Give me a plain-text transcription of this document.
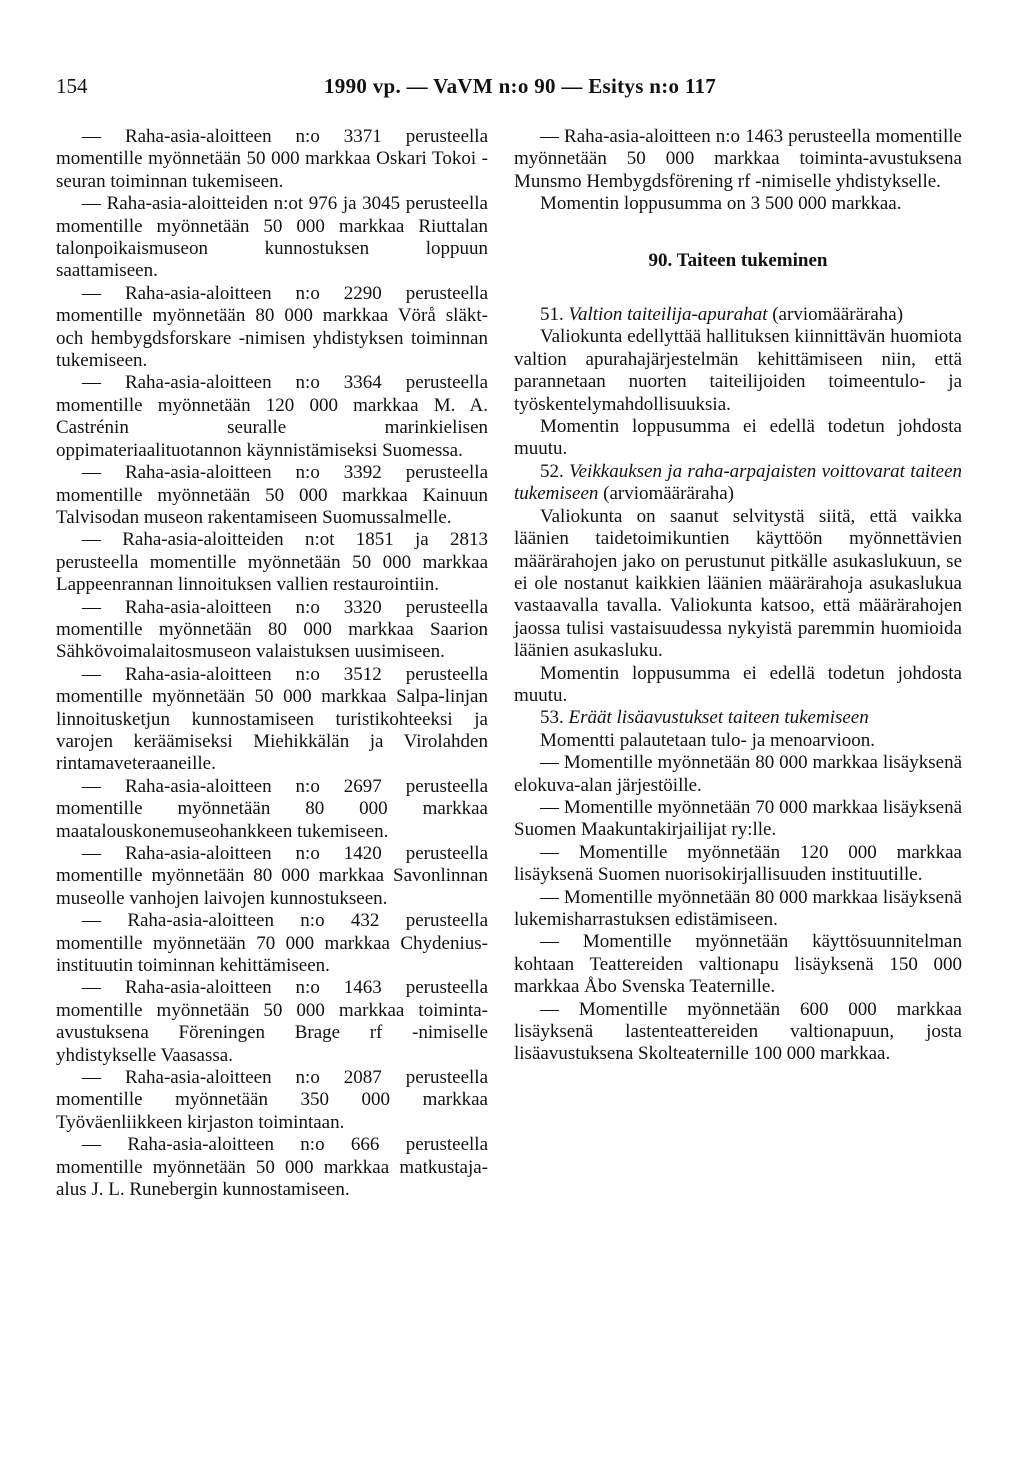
154	1990 vp. — VaVM n:o 90 — Esitys n:o 117

— Raha-asia-aloitteen n:o 3371 perusteella momentille myönnetään 50 000 markkaa Oskari Tokoi -seuran toiminnan tukemiseen.

— Raha-asia-aloitteiden n:ot 976 ja 3045 perusteella momentille myönnetään 50 000 markkaa Riuttalan talonpoikaismuseon kunnostuksen loppuun saattamiseen.

— Raha-asia-aloitteen n:o 2290 perusteella momentille myönnetään 80 000 markkaa Vörå släkt- och hembygdsforskare -nimisen yhdistyksen toiminnan tukemiseen.

— Raha-asia-aloitteen n:o 3364 perusteella momentille myönnetään 120 000 markkaa M. A. Castrénin seuralle marinkielisen oppimateriaalituotannon käynnistämiseksi Suomessa.

— Raha-asia-aloitteen n:o 3392 perusteella momentille myönnetään 50 000 markkaa Kainuun Talvisodan museon rakentamiseen Suomussalmelle.

— Raha-asia-aloitteiden n:ot 1851 ja 2813 perusteella momentille myönnetään 50 000 markkaa Lappeenrannan linnoituksen vallien restaurointiin.

— Raha-asia-aloitteen n:o 3320 perusteella momentille myönnetään 80 000 markkaa Saarion Sähkövoimalaitosmuseon valaistuksen uusimiseen.

— Raha-asia-aloitteen n:o 3512 perusteella momentille myönnetään 50 000 markkaa Salpa-linjan linnoitusketjun kunnostamiseen turistikohteeksi ja varojen keräämiseksi Miehikkälän ja Virolahden rintamaveteraaneille.

— Raha-asia-aloitteen n:o 2697 perusteella momentille myönnetään 80 000 markkaa maatalouskonemuseohankkeen tukemiseen.

— Raha-asia-aloitteen n:o 1420 perusteella momentille myönnetään 80 000 markkaa Savonlinnan museolle vanhojen laivojen kunnostukseen.

— Raha-asia-aloitteen n:o 432 perusteella momentille myönnetään 70 000 markkaa Chydenius-instituutin toiminnan kehittämiseen.

— Raha-asia-aloitteen n:o 1463 perusteella momentille myönnetään 50 000 markkaa toiminta-avustuksena Föreningen Brage rf -nimiselle yhdistykselle Vaasassa.

— Raha-asia-aloitteen n:o 2087 perusteella momentille myönnetään 350 000 markkaa Työväenliikkeen kirjaston toimintaan.

— Raha-asia-aloitteen n:o 666 perusteella momentille myönnetään 50 000 markkaa matkustaja-alus J. L. Runebergin kunnostamiseen.

— Raha-asia-aloitteen n:o 1463 perusteella momentille myönnetään 50 000 markkaa toiminta-avustuksena Munsmo Hembygdsförening rf -nimiselle yhdistykselle.

Momentin loppusumma on 3 500 000 markkaa.

90. Taiteen tukeminen

51. Valtion taiteilija-apurahat (arviomääräraha)

Valiokunta edellyttää hallituksen kiinnittävän huomiota valtion apurahajärjestelmän kehittämiseen niin, että parannetaan nuorten taiteilijoiden toimeentulo- ja työskentelymahdollisuuksia.

Momentin loppusumma ei edellä todetun johdosta muutu.

52. Veikkauksen ja raha-arpajaisten voittovarat taiteen tukemiseen (arviomääräraha)

Valiokunta on saanut selvitystä siitä, että vaikka läänien taidetoimikuntien käyttöön myönnettävien määrärahojen jako on perustunut pitkälle asukaslukuun, se ei ole nostanut kaikkien läänien määrärahoja asukaslukua vastaavalla tavalla. Valiokunta katsoo, että määrärahojen jaossa tulisi vastaisuudessa nykyistä paremmin huomioida läänien asukasluku.

Momentin loppusumma ei edellä todetun johdosta muutu.

53. Eräät lisäavustukset taiteen tukemiseen

Momentti palautetaan tulo- ja menoarvioon.

— Momentille myönnetään 80 000 markkaa lisäyksenä elokuva-alan järjestöille.

— Momentille myönnetään 70 000 markkaa lisäyksenä Suomen Maakuntakirjailijat ry:lle.

— Momentille myönnetään 120 000 markkaa lisäyksenä Suomen nuorisokirjallisuuden instituutille.

— Momentille myönnetään 80 000 markkaa lisäyksenä lukemisharrastuksen edistämiseen.

— Momentille myönnetään käyttösuunnitelman kohtaan Teattereiden valtionapu lisäyksenä 150 000 markkaa Åbo Svenska Teaternille.

— Momentille myönnetään 600 000 markkaa lisäyksenä lastenteattereiden valtionapuun, josta lisäavustuksena Skolteaternille 100 000 markkaa.
